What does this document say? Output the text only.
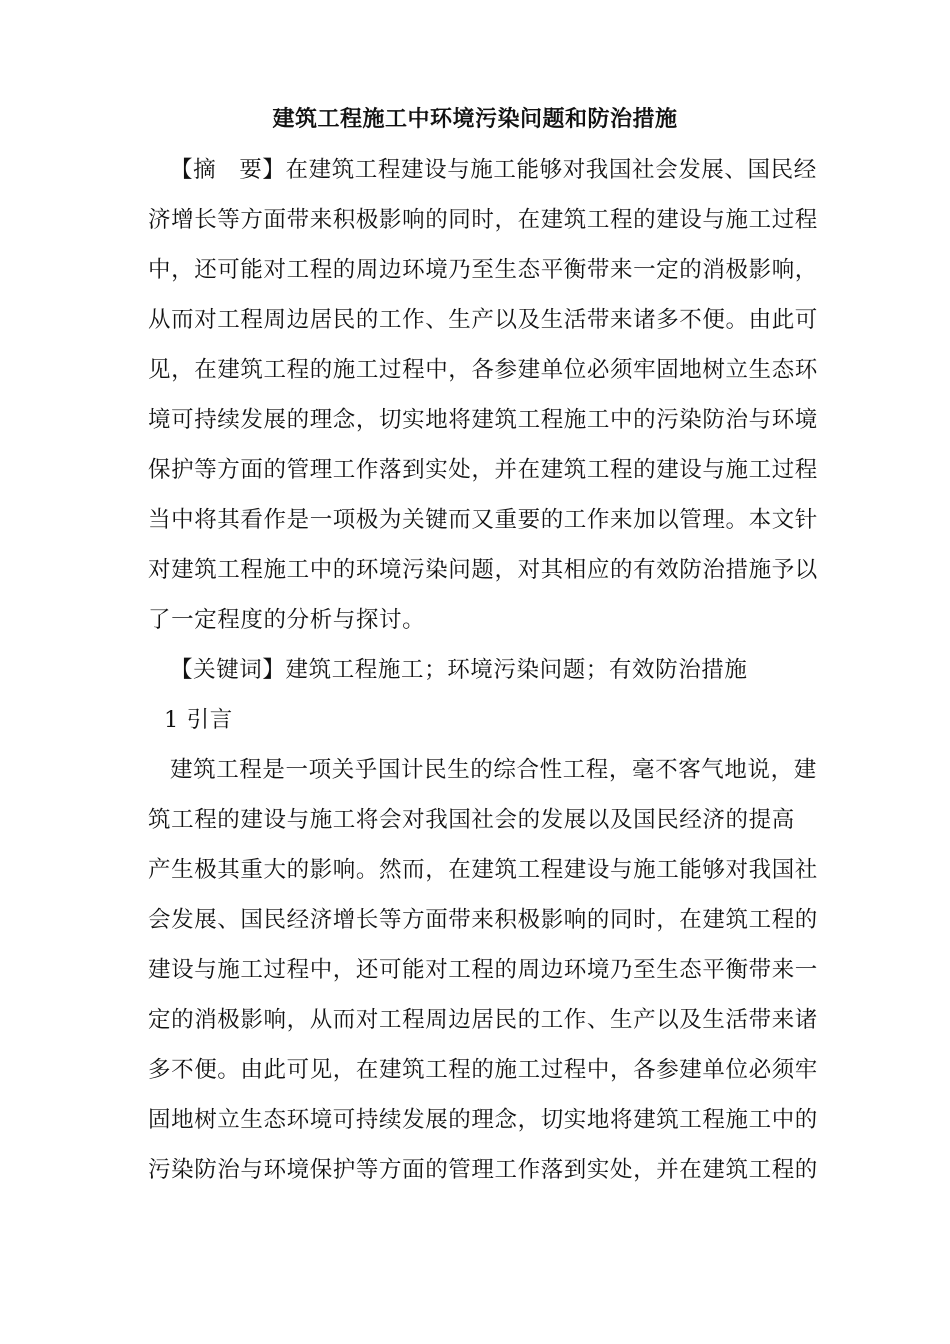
建筑工程施工中环境污染问题和防治措施
【摘　要】在建筑工程建设与施工能够对我国社会发展、国民经
济增长等方面带来积极影响的同时，在建筑工程的建设与施工过程
中，还可能对工程的周边环境乃至生态平衡带来一定的消极影响，
从而对工程周边居民的工作、生产以及生活带来诸多不便。由此可
见，在建筑工程的施工过程中，各参建单位必须牢固地树立生态环
境可持续发展的理念，切实地将建筑工程施工中的污染防治与环境
保护等方面的管理工作落到实处，并在建筑工程的建设与施工过程
当中将其看作是一项极为关键而又重要的工作来加以管理。本文针
对建筑工程施工中的环境污染问题，对其相应的有效防治措施予以
了一定程度的分析与探讨。
【关键词】建筑工程施工；环境污染问题；有效防治措施
1 引言
建筑工程是一项关乎国计民生的综合性工程，毫不客气地说，建
筑工程的建设与施工将会对我国社会的发展以及国民经济的提高
产生极其重大的影响。然而，在建筑工程建设与施工能够对我国社
会发展、国民经济增长等方面带来积极影响的同时，在建筑工程的
建设与施工过程中，还可能对工程的周边环境乃至生态平衡带来一
定的消极影响，从而对工程周边居民的工作、生产以及生活带来诸
多不便。由此可见，在建筑工程的施工过程中，各参建单位必须牢
固地树立生态环境可持续发展的理念，切实地将建筑工程施工中的
污染防治与环境保护等方面的管理工作落到实处，并在建筑工程的
